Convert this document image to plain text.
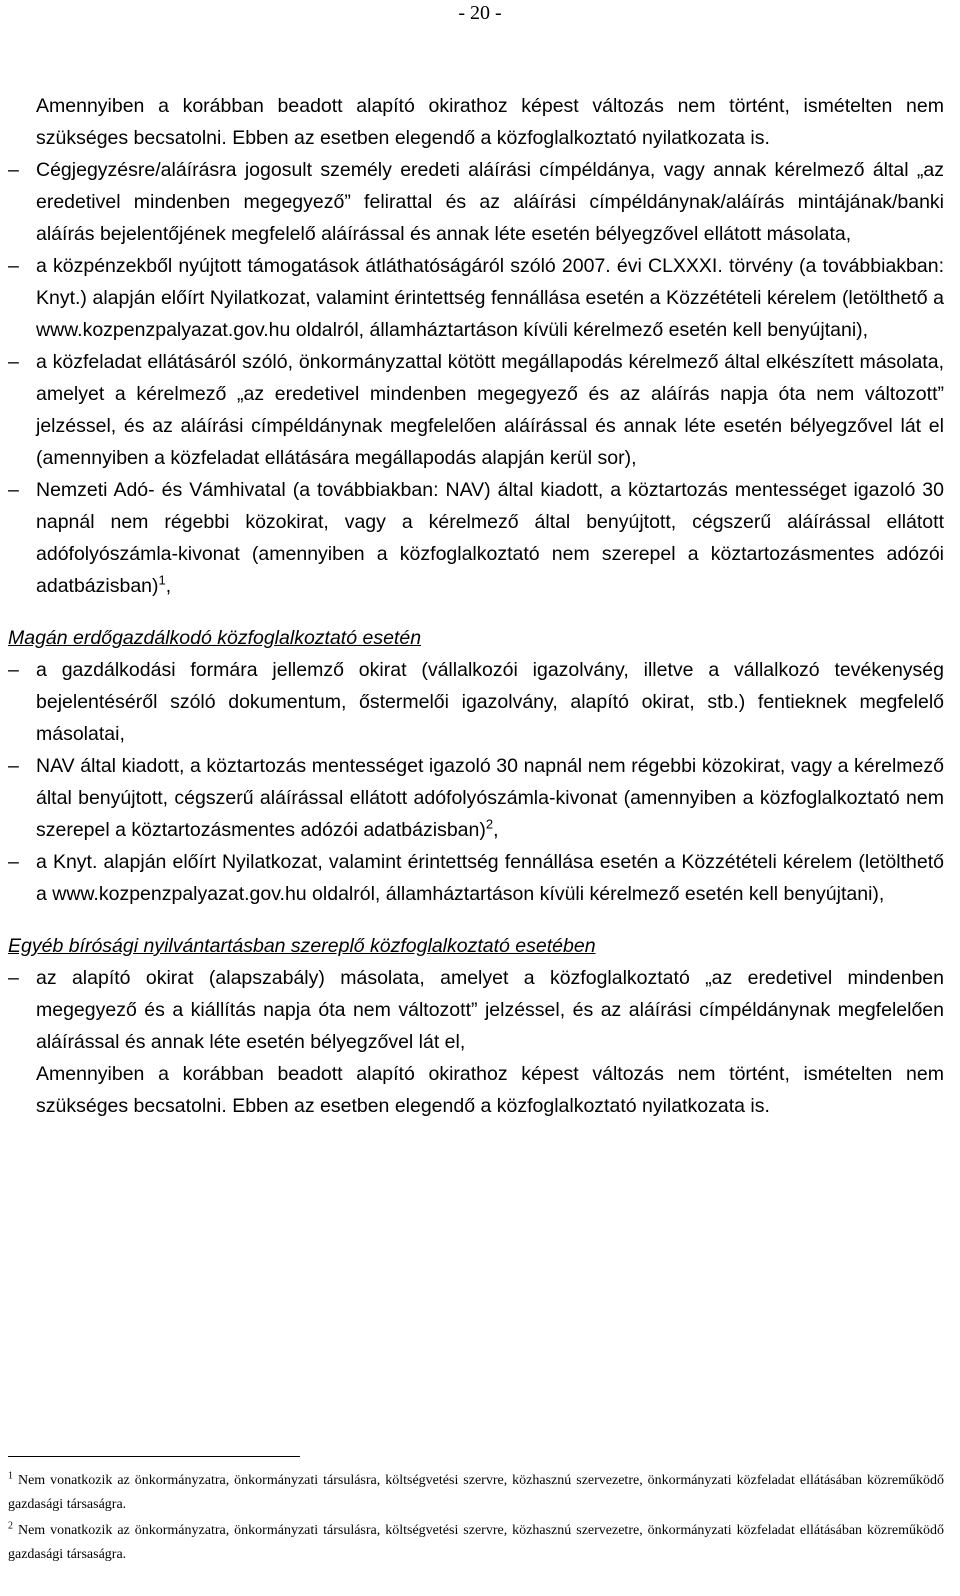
- 20 -
Amennyiben a korábban beadott alapító okirathoz képest változás nem történt, ismételten nem szükséges becsatolni. Ebben az esetben elegendő a közfoglalkoztató nyilatkozata is.
– Cégjegyzésre/aláírásra jogosult személy eredeti aláírási címpéldánya, vagy annak kérelmező által „az eredetivel mindenben megegyező” felirattal és az aláírási címpéldánynak/aláírás mintájának/banki aláírás bejelentőjének megfelelő aláírással és annak léte esetén bélyegzővel ellátott másolata,
– a közpénzekből nyújtott támogatások átláthatóságáról szóló 2007. évi CLXXXI. törvény (a továbbiakban: Knyt.) alapján előírt Nyilatkozat, valamint érintettség fennállása esetén a Közzétételi kérelem (letölthető a www.kozpenzpalyazat.gov.hu oldalról, államháztartáson kívüli kérelmező esetén kell benyújtani),
– a közfeladat ellátásáról szóló, önkormányzattal kötött megállapodás kérelmező által elkészített másolata, amelyet a kérelmező „az eredetivel mindenben megegyező és az aláírás napja óta nem változott” jelzéssel, és az aláírási címpéldánynak megfelelően aláírással és annak léte esetén bélyegzővel lát el (amennyiben a közfeladat ellátására megállapodás alapján kerül sor),
– Nemzeti Adó- és Vámhivatal (a továbbiakban: NAV) által kiadott, a köztartozás mentességet igazoló 30 napnál nem régebbi közokirat, vagy a kérelmező által benyújtott, cégszerű aláírással ellátott adófolyószámla-kivonat (amennyiben a közfoglalkoztató nem szerepel a köztartozásmentes adózói adatbázisban)$^1$,
Magán erdőgazdálkodó közfoglalkoztató esetén
– a gazdálkodási formára jellemző okirat (vállalkozói igazolvány, illetve a vállalkozó tevékenység bejelentéséről szóló dokumentum, őstermelői igazolvány, alapító okirat, stb.) fentieknek megfelelő másolatai,
– NAV által kiadott, a köztartozás mentességet igazoló 30 napnál nem régebbi közokirat, vagy a kérelmező által benyújtott, cégszerű aláírással ellátott adófolyószámla-kivonat (amennyiben a közfoglalkoztató nem szerepel a köztartozásmentes adózói adatbázisban)$^2$,
– a Knyt. alapján előírt Nyilatkozat, valamint érintettség fennállása esetén a Közzétételi kérelem (letölthető a www.kozpenzpalyazat.gov.hu oldalról, államháztartáson kívüli kérelmező esetén kell benyújtani),
Egyéb bírósági nyilvántartásban szereplő közfoglalkoztató esetében
– az alapító okirat (alapszabály) másolata, amelyet a közfoglalkoztató „az eredetivel mindenben megegyező és a kiállítás napja óta nem változott” jelzéssel, és az aláírási címpéldánynak megfelelően aláírással és annak léte esetén bélyegzővel lát el,
Amennyiben a korábban beadott alapító okirathoz képest változás nem történt, ismételten nem szükséges becsatolni. Ebben az esetben elegendő a közfoglalkoztató nyilatkozata is.
$^1$ Nem vonatkozik az önkormányzatra, önkormányzati társulásra, költségvetési szervre, közhasznú szervezetre, önkormányzati közfeladat ellátásában közreműködő gazdasági társaságra.
$^2$ Nem vonatkozik az önkormányzatra, önkormányzati társulásra, költségvetési szervre, közhasznú szervezetre, önkormányzati közfeladat ellátásában közreműködő gazdasági társaságra.
